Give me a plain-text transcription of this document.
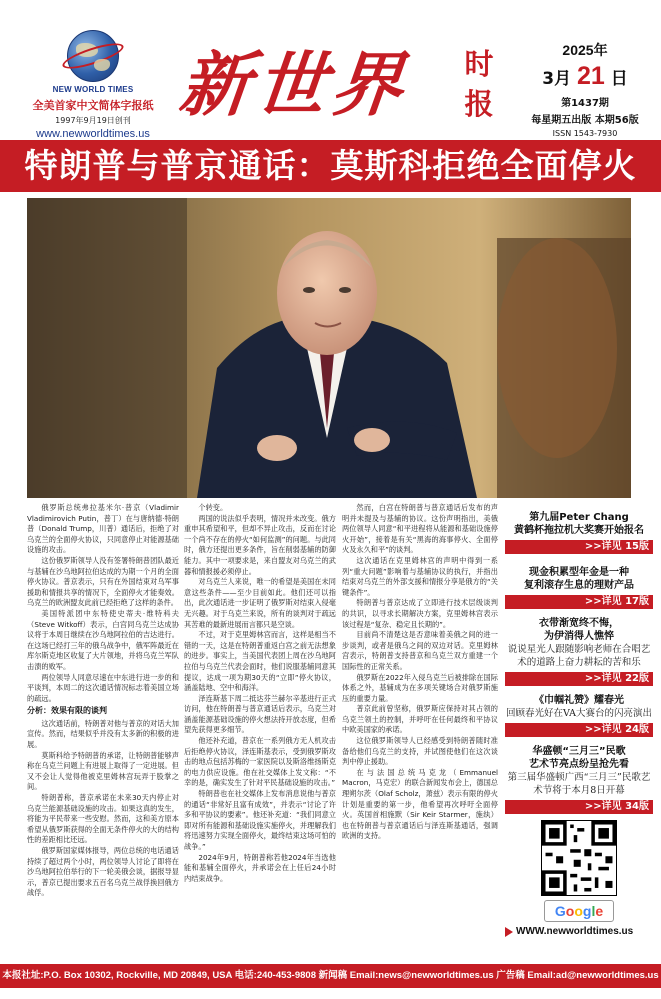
NEW WORLD TIMES
全美首家中文简体字报纸
1997年9月19日创刊
www.newworldtimes.us
新世界	时报
2025年
3月 21 日
第1437期
每星期五出版 本期56版
ISSN 1543-7930
特朗普与普京通话：莫斯科拒绝全面停火

俄罗斯总统弗拉基米尔·普京（Vladimir Vladimirovich Putin，普丁）在与唐纳德·特朗普（Donald Trump，川普）通话后，拒绝了对乌克兰的全面停火协议，只同意停止对能源基础设施的攻击。

这份俄罗斯领导人没有签署特朗普团队最近与基辅在沙乌地阿拉伯达成的为期一个月的全面停火协议。普京表示，只有在外国结束对乌军事援助和情报共享的情况下，全面停火才能奏效。乌克兰的欧洲盟友此前已经拒绝了这样的条件。

美国特派团中东特使史蒂夫·维特科夫（Steve Witkoff）表示，白宫同乌克兰达成协议将于本周日继续在沙乌地阿拉伯的吉达进行。在这场已经打三年的俄乌战争中，俄军阵最近在库尔斯克地区收复了大片领地，并将乌克兰军队击溃的败军。

两位领导人同意尽速在中东进行进一步的和平谈判，本周二的这次通话情况标志着美国立场的疏远。

分析：效果有限的谈判

这次通话前，特朗普对他与普京的对话大加宣传。然而，结果似乎并没有太多新的积极的进展。

莫斯科给予特朗普的承诺，让特朗普能够声称在乌克兰问题上有进展上取得了一定进展。但又不会让人觉得他被克里姆林宫玩弄于股掌之间。

特朗普称，普京承诺在未来30天内停止对乌克兰能源基础设施的攻击。如果这真的发生，将能为平民带来一些安慰。然而，这和美方原本希望从俄罗斯获得的全面无条件停火的大的结构性的差距相比还远。

俄罗斯国家媒体报导，两位总统的电话通话持续了超过两个小时，两位领导人讨论了即将在沙乌地阿拉伯举行的下一轮美俄会谈，据报导显示，普京已提出要求五百名乌克兰战俘换回俄方战俘。

个转变。

两国的说法似乎表明，情况并未改变。俄方重申其希望和平，但却不异止攻击，反而在讨论一个尚不存在的停火“如何监测”的问题。与此同时，俄方还提出更多条件，旨在削弱基辅的防御能力。其中一项要求是，来自盟友对乌克兰的武器和情报援必须停止。

对乌克兰人来说，唯一的希望是美国在未同意这些条件——至少目前如此。他们还可以指出，此次通话进一步证明了俄罗斯对结束入侵毫无兴趣。对于乌克兰来说，所有的谈判对于疏远其苦难的最新进展而言都只是空谈。

不过，对于克里姆林宫而言，这样是相当不错的一天，这是在特朗普重返白宫之前无法想象的进步。事实上，当美国代表团上周在沙乌地阿拉伯与乌克兰代表会面时，他们说服基辅同意其提议，达成一项为期30天的“立即”停火协议，涵盖陆地、空中和海洋。

泽连斯基下周二抵达芬兰赫尔辛基进行正式访问，他在特朗普与普京通话后表示，乌克兰对涵盖能源基础设施的停火想法持开放态度，但希望先获得更多细节。

他还补充道，普京在一系列俄方无人机攻击后拒绝停火协议，泽连斯基表示，受到俄罗斯攻击的地点包括苏梅的一家医院以及斯洛维扬斯克的电力供应设施。他在社交媒体上发文称：“不幸的是，确实发生了针对平民基础设施的攻击。”

特朗普也在社交媒体上发布消息说他与普京的通话“非常好且富有成效”，并表示“讨论了许多和平协议的要素”。他还补充道：“我们同意立即对所有能源和基础设施实施停火，并理解我们将迅速努力实现全面停火，最终结束这场可怕的战争。”

2024年9月，特朗普称若他2024年当选他能和基辅全面停火，并承诺会在上任后24小时内结束战争。

然而，白宫在特朗普与普京通话后发布的声明并未提及与基辅的协议。这份声明指出，美俄两位领导人同意“和平进程将从能源和基础设施停火开始”，接着是有关“黑海的海事停火、全面停火及永久和平”的谈判。

这次通话在克里姆林宫的声明中得到一系列“重大问题”影响着与基辅协议的执行，并指出结束对乌克兰的外部支援和情报分享是俄方的“关键条件”。

特朗普与普京达成了立即进行技术层级谈判的共识，以寻求长期解决方案，克里姆林宫表示该过程是“复杂、稳定且长期的”。

目前尚不清楚这是否意味着美俄之间的进一步谈判，或者是俄乌之间的双边对话。克里姆林宫表示，特朗普支持普京和乌克兰双方重建一个国际性的正常关系。

俄罗斯在2022年入侵乌克兰后被排除在国际体系之外，基辅成为在多项关键场合对俄罗斯施压的重要力量。

普京此前曾坚称，俄罗斯应保持对其占领的乌克兰领土的控制，并呼吁在任何最终和平协议中欧美国家的承诺。

这位俄罗斯领导人已经感受到特朗普随时准备给他们乌克兰的支持，并试图使他们在这次谈判中停止援助。

在与法国总统马克龙（Emmanuel Macron，马克宏）的联合新闻发布会上，德国总理朔尔茨（Olaf Scholz，萧兹）表示有限的停火计划是重要的第一步，他希望再次呼吁全面停火。英国首相施默（Sir Keir Starmer，施纨）也在特朗普与普京通话后与泽连斯基通话，强调欧洲的支持。

第九届Peter Chang
黄鹤杯拖拉机大奖赛开始报名
>>详见 15版
现金积累型年金是一种
复利滚存生息的理财产品
>>详见 17版
衣带渐宽终不悔，
为伊消得人憔悴
说说星光人跟随影响老师在合唱艺术的道路上奋力耕耘的苦和乐
>>详见 22版
《巾帼礼赞》耀春光
回顾春光好在VA大赛台的闪亮演出
>>详见 24版
华盛顿“三月三”民歌
艺术节亮点纷呈抢先看
第三届华盛顿广西“三月三”民歌艺术节将于本月8日开幕
>>详见 34版
Google
WWW.newworldtimes.us
本报社址:P.O. Box 10302, Rockville, MD 20849, USA 电话:240-453-9808 新闻稿 Email:news@newworldtimes.us 广告稿 Email:ad@newworldtimes.us
